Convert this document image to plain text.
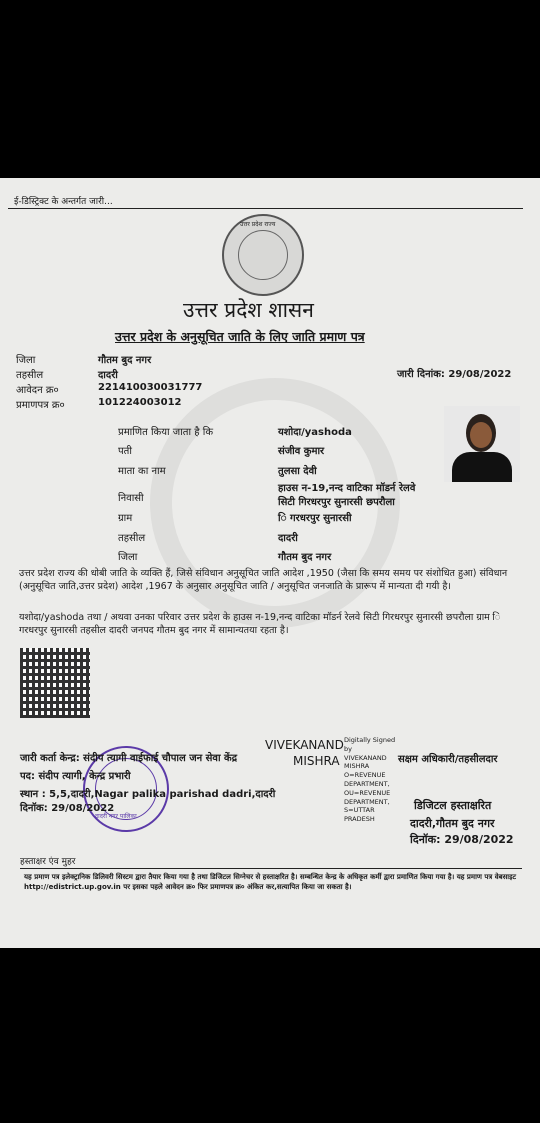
ई-डिस्ट्रिक्ट के अन्तर्गत जारी...
उत्तर प्रदेश राज्य
उत्तर प्रदेश शासन
उत्तर प्रदेश के अनुसूचित जाति के लिए जाति प्रमाण पत्र
जिला	गौतम बुद नगर
तहसील	दादरी
आवेदन क्र०	221410030031777
प्रमाणपत्र क्र०	101224003012
जारी दिनांक: 29/08/2022
प्रमाणित किया जाता है कि	यशोदा/yashoda
पती	संजीव कुमार
माता का नाम	तुलसा देवी
निवासी
हाउस न-19,नन्द वाटिका मॉडर्न रेलवे
सिटी गिरधरपुर सुनारसी छपरौला
ग्राम	ि गरधरपुर सुनारसी
तहसील	दादरी
जिला	गौतम बुद नगर
उत्तर प्रदेश राज्य की धोबी जाति के व्यक्ति हैं, जिसे संविधान अनुसूचित जाति आदेश ,1950 (जैसा कि समय समय पर संशोधित हुआ) संविधान (अनुसूचित जाति,उत्तर प्रदेश) आदेश ,1967 के अनुसार अनुसूचित जाति / अनुसूचित जनजाति के प्रारूप में मान्यता दी गयी है।
यशोदा/yashoda तथा / अथवा उनका परिवार उत्तर प्रदेश के हाउस न-19,नन्द वाटिका मॉडर्न रेलवे सिटी गिरधरपुर सुनारसी छपरौला ग्राम ि गरधरपुर सुनारसी तहसील दादरी जनपद गौतम बुद नगर में सामान्यतया रहता है।
दादरी नगर पालिका
जारी कर्ता केन्द्र: संदीप त्यागी वाईफाई चौपाल जन सेवा केंद्र
पद: संदीप त्यागी, केन्द्र प्रभारी
स्थान : 5,5,दादरी,Nagar palika parishad dadri,दादरी
दिनॉक: 29/08/2022
VIVEKANAND
MISHRA
Digitally Signed
by
VIVEKANAND
MISHRA
O=REVENUE
DEPARTMENT,
OU=REVENUE
DEPARTMENT,
S=UTTAR
PRADESH
सक्षम अधिकारी/तहसीलदार
डिजिटल हस्ताक्षरित
दादरी,गौतम बुद नगर
दिनॉक: 29/08/2022
हस्ताक्षर एंव मुहर
यह प्रमाण पत्र इलेक्ट्रानिक डिलिवरी सिस्टम द्वारा तैयार किया गया है तथा डिजिटल सिग्नेचर से हस्ताक्षरित है। सम्बन्धित केन्द्र के अधिकृत कर्मी द्वारा प्रमाणित किया गया है। यह प्रमाण पत्र वेबसाइट http://edistrict.up.gov.in पर इसका पहले आवेदन क्र० फिर प्रमाणपत्र क्र० अंकित कर,सत्यापित किया जा सकता है।
